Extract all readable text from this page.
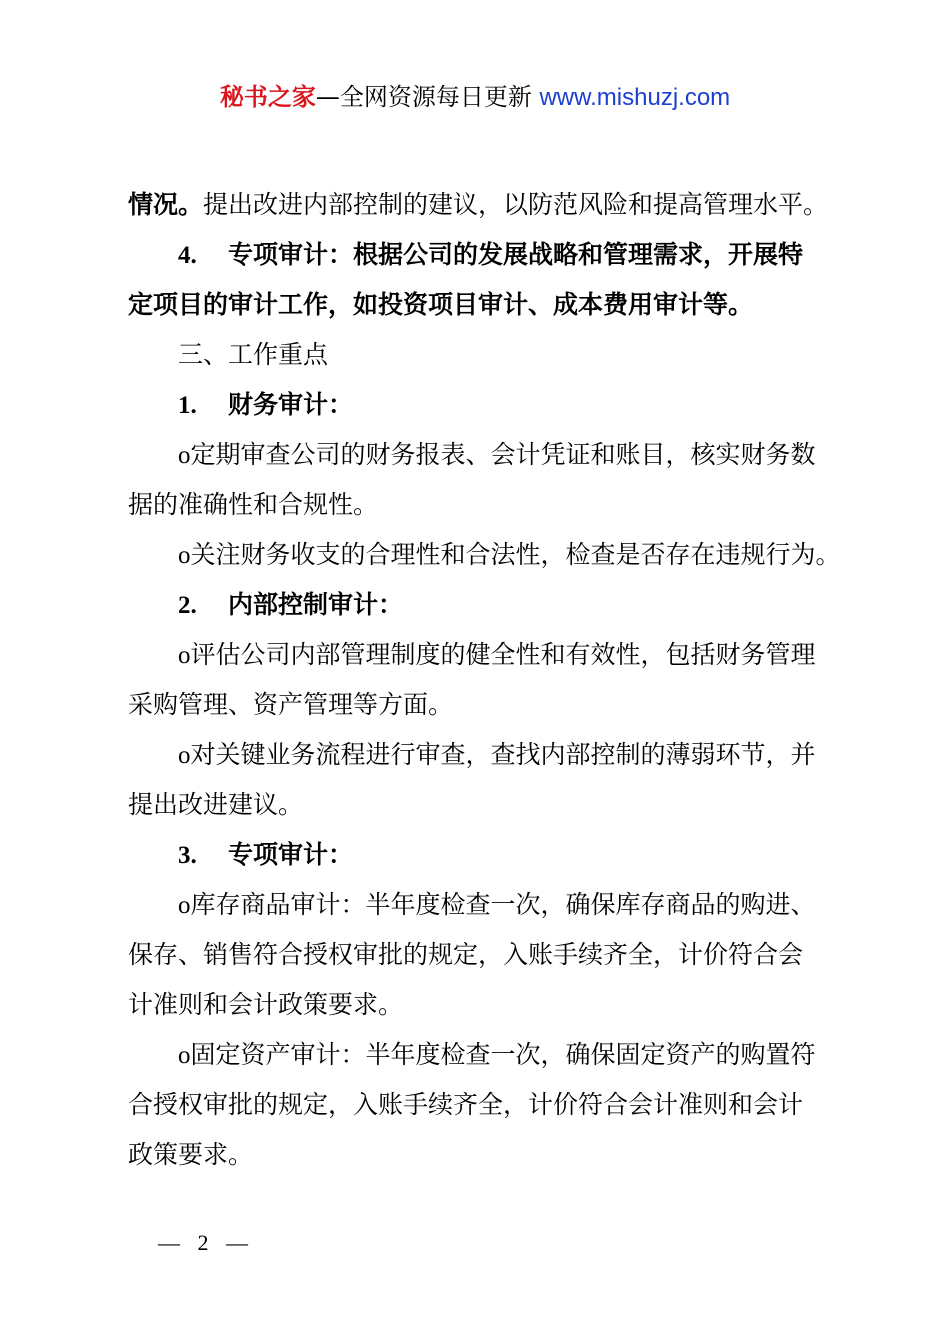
秘书之家—全网资源每日更新 www.mishuzj.com
情况。提出改进内部控制的建议，以防范风险和提高管理水平。
4. 专项审计：根据公司的发展战略和管理需求，开展特
定项目的审计工作，如投资项目审计、成本费用审计等。
三、工作重点
1. 财务审计：
o定期审查公司的财务报表、会计凭证和账目，核实财务数
据的准确性和合规性。
o关注财务收支的合理性和合法性，检查是否存在违规行为。
2. 内部控制审计：
o评估公司内部管理制度的健全性和有效性，包括财务管理
采购管理、资产管理等方面。
o对关键业务流程进行审查，查找内部控制的薄弱环节，并
提出改进建议。
3. 专项审计：
o库存商品审计：半年度检查一次，确保库存商品的购进、
保存、销售符合授权审批的规定，入账手续齐全，计价符合会
计准则和会计政策要求。
o固定资产审计：半年度检查一次，确保固定资产的购置符
合授权审批的规定，入账手续齐全，计价符合会计准则和会计
政策要求。
— 2 —
